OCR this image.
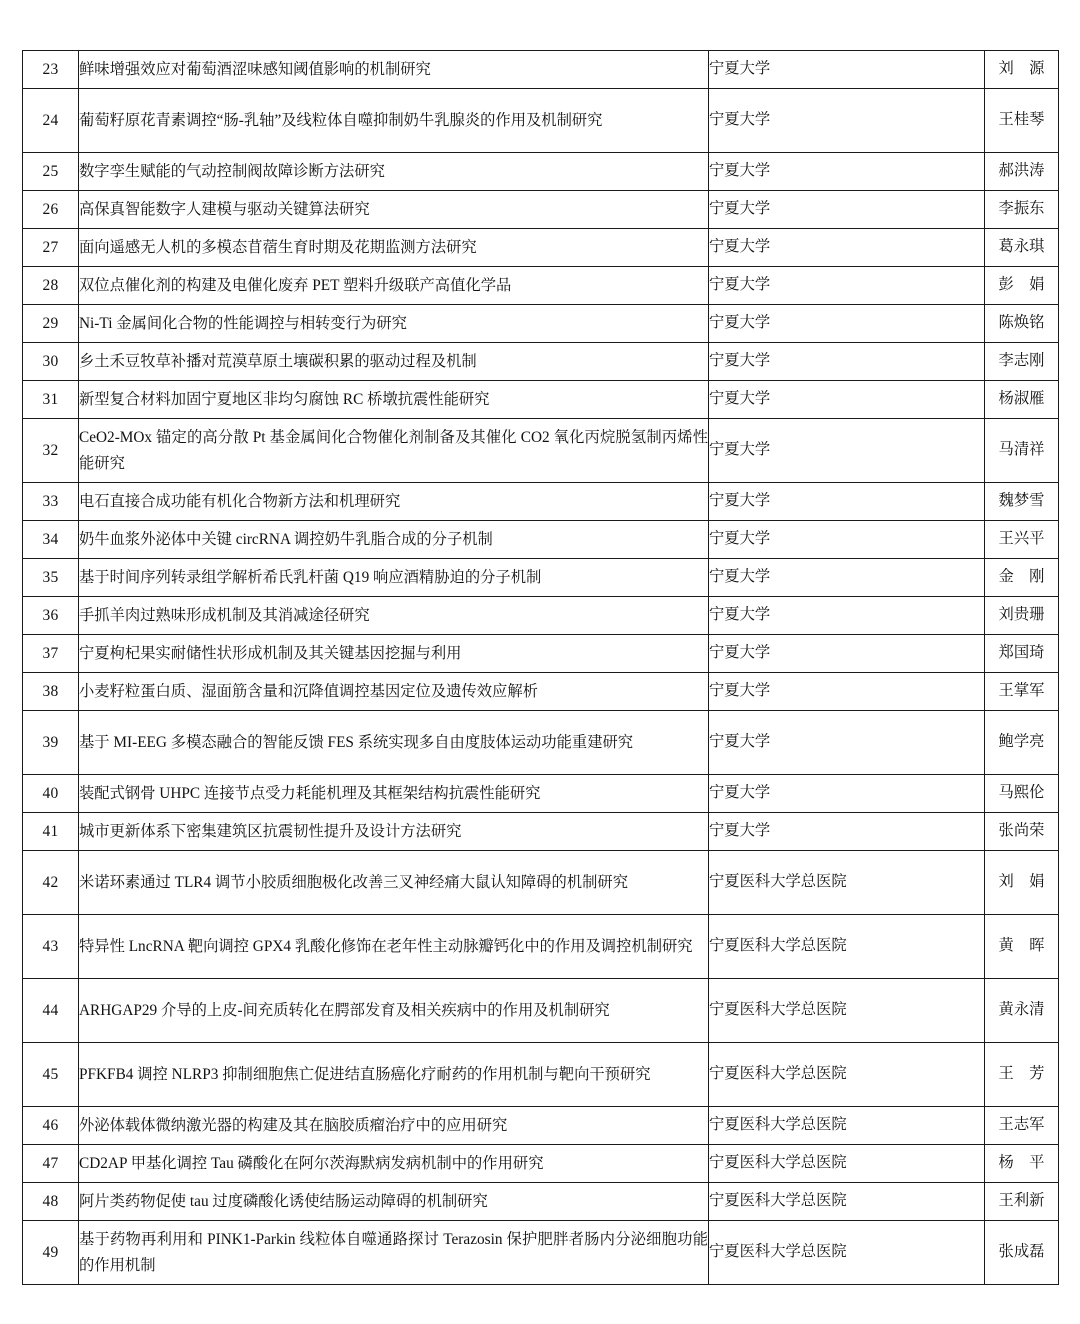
23	鲜味增强效应对葡萄酒涩味感知阈值影响的机制研究	宁夏大学	刘　源
24	葡萄籽原花青素调控“肠-乳轴”及线粒体自噬抑制奶牛乳腺炎的作用及机制研究	宁夏大学	王桂琴
25	数字孪生赋能的气动控制阀故障诊断方法研究	宁夏大学	郝洪涛
26	高保真智能数字人建模与驱动关键算法研究	宁夏大学	李振东
27	面向遥感无人机的多模态苜蓿生育时期及花期监测方法研究	宁夏大学	葛永琪
28	双位点催化剂的构建及电催化废弃 PET 塑料升级联产高值化学品	宁夏大学	彭　娟
29	Ni-Ti 金属间化合物的性能调控与相转变行为研究	宁夏大学	陈焕铭
30	乡土禾豆牧草补播对荒漠草原土壤碳积累的驱动过程及机制	宁夏大学	李志刚
31	新型复合材料加固宁夏地区非均匀腐蚀 RC 桥墩抗震性能研究	宁夏大学	杨淑雁
32	CeO2-MOx 锚定的高分散 Pt 基金属间化合物催化剂制备及其催化 CO2 氧化丙烷脱氢制丙烯性能研究	宁夏大学	马清祥
33	电石直接合成功能有机化合物新方法和机理研究	宁夏大学	魏梦雪
34	奶牛血浆外泌体中关键 circRNA 调控奶牛乳脂合成的分子机制	宁夏大学	王兴平
35	基于时间序列转录组学解析希氏乳杆菌 Q19 响应酒精胁迫的分子机制	宁夏大学	金　刚
36	手抓羊肉过熟味形成机制及其消减途径研究	宁夏大学	刘贵珊
37	宁夏枸杞果实耐储性状形成机制及其关键基因挖掘与利用	宁夏大学	郑国琦
38	小麦籽粒蛋白质、湿面筋含量和沉降值调控基因定位及遗传效应解析	宁夏大学	王掌军
39	基于 MI-EEG 多模态融合的智能反馈 FES 系统实现多自由度肢体运动功能重建研究	宁夏大学	鲍学亮
40	装配式钢骨 UHPC 连接节点受力耗能机理及其框架结构抗震性能研究	宁夏大学	马熙伦
41	城市更新体系下密集建筑区抗震韧性提升及设计方法研究	宁夏大学	张尚荣
42	米诺环素通过 TLR4 调节小胶质细胞极化改善三叉神经痛大鼠认知障碍的机制研究	宁夏医科大学总医院	刘　娟
43	特异性 LncRNA 靶向调控 GPX4 乳酸化修饰在老年性主动脉瓣钙化中的作用及调控机制研究	宁夏医科大学总医院	黄　晖
44	ARHGAP29 介导的上皮-间充质转化在腭部发育及相关疾病中的作用及机制研究	宁夏医科大学总医院	黄永清
45	PFKFB4 调控 NLRP3 抑制细胞焦亡促进结直肠癌化疗耐药的作用机制与靶向干预研究	宁夏医科大学总医院	王　芳
46	外泌体载体微纳激光器的构建及其在脑胶质瘤治疗中的应用研究	宁夏医科大学总医院	王志军
47	CD2AP 甲基化调控 Tau 磷酸化在阿尔茨海默病发病机制中的作用研究	宁夏医科大学总医院	杨　平
48	阿片类药物促使 tau 过度磷酸化诱使结肠运动障碍的机制研究	宁夏医科大学总医院	王利新
49	基于药物再利用和 PINK1-Parkin 线粒体自噬通路探讨 Terazosin 保护肥胖者肠内分泌细胞功能的作用机制	宁夏医科大学总医院	张成磊
